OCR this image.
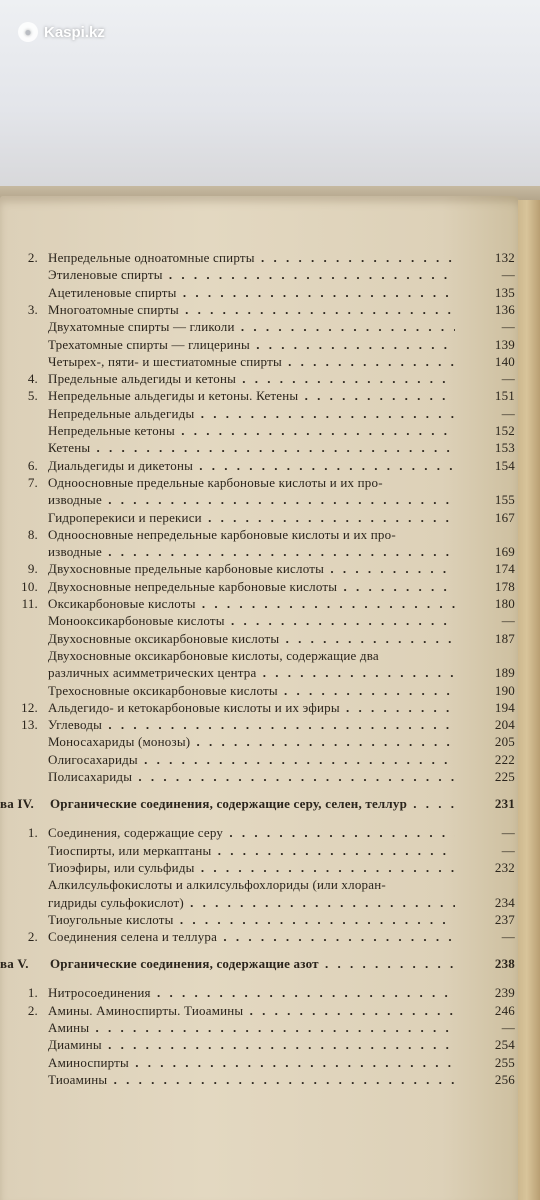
● Kaspi.kz
2. Непредельные одноатомные спирты . . .	132
Этиленовые спирты . . .	—
Ацетиленовые спирты . . .	135
3. Многоатомные спирты . . .	136
Двухатомные спирты — гликоли . . .	—
Трехатомные спирты — глицерины . . .	139
Четырех-, пяти- и шестиатомные спирты . . .	140
4. Предельные альдегиды и кетоны . . .	—
5. Непредельные альдегиды и кетоны. Кетены . . .	151
Непредельные альдегиды . . .	—
Непредельные кетоны . . .	152
Кетены . . .	153
6. Диальдегиды и дикетоны . . .	154
7. Одноосновные предельные карбоновые кислоты и их про-
изводные . . .	155
Гидроперекиси и перекиси . . .	167
8. Одноосновные непредельные карбоновые кислоты и их про-
изводные . . .	169
9. Двухосновные предельные карбоновые кислоты . . .	174
10. Двухосновные непредельные карбоновые кислоты . . .	178
11. Оксикарбоновые кислоты . . .	180
Монооксикарбоновые кислоты . . .	—
Двухосновные оксикарбоновые кислоты . . .	187
Двухосновные оксикарбоновые кислоты, содержащие два
различных асимметрических центра . . .	189
Трехосновные оксикарбоновые кислоты . . .	190
12. Альдегидо- и кетокарбоновые кислоты и их эфиры . . .	194
13. Углеводы . . .	204
Моносахариды (монозы) . . .	205
Олигосахариды . . .	222
Полисахариды . . .	225
ва IV. Органические соединения, содержащие серу, селен, теллур . . .	231
1. Соединения, содержащие серу . . .	—
Тиоспирты, или меркаптаны . . .	—
Тиоэфиры, или сульфиды . . .	232
Алкилсульфокислоты и алкилсульфохлориды (или хлоран-
гидриды сульфокислот) . . .	234
Тиоугольные кислоты . . .	237
2. Соединения селена и теллура . . .	—
ва V. Органические соединения, содержащие азот . . .	238
1. Нитросоединения . . .	239
2. Амины. Аминоспирты. Тиоамины . . .	246
Амины . . .	—
Диамины . . .	254
Аминоспирты . . .	255
Тиоамины . . .	256
